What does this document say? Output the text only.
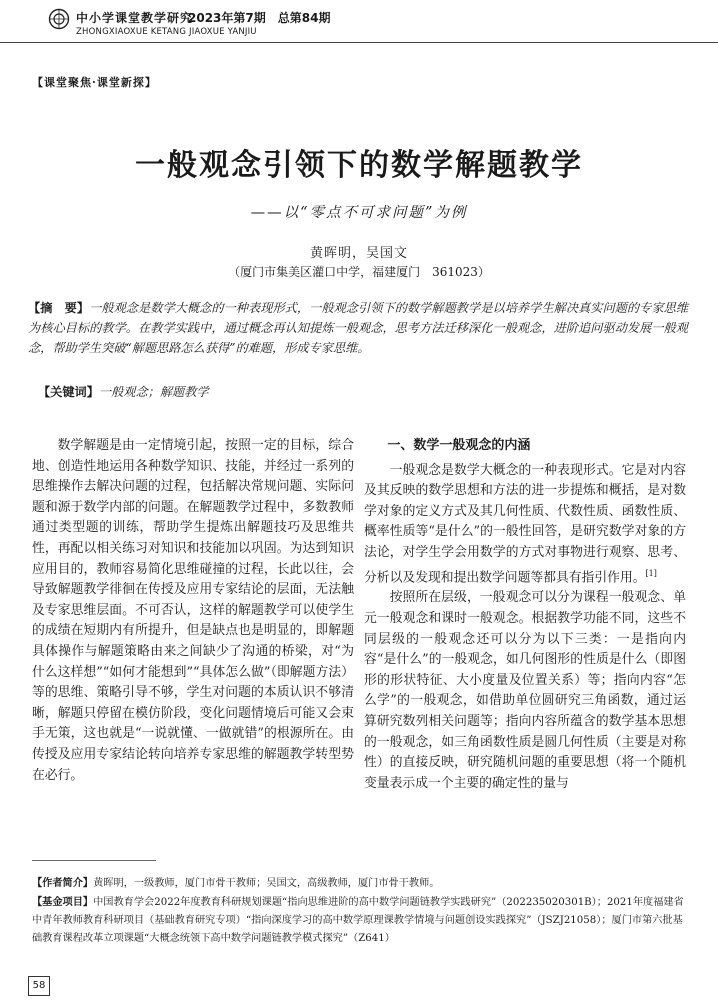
中小学课堂教学研究
2023年第7期　总第84期
ZHONGXIAOXUE KETANG JIAOXUE YANJIU
【课堂聚焦·课堂新探】
一般观念引领下的数学解题教学
——以“零点不可求问题”为例
黄晖明，吴国文
（厦门市集美区灌口中学，福建厦门　361023）
【摘　要】一般观念是数学大概念的一种表现形式，一般观念引领下的数学解题教学是以培养学生解决真实问题的专家思维为核心目标的教学。在教学实践中，通过概念再认知提炼一般观念，思考方法迁移深化一般观念，进阶追问驱动发展一般观念，帮助学生突破“解题思路怎么获得”的难题，形成专家思维。
【关键词】一般观念；解题教学

数学解题是由一定情境引起，按照一定的目标，综合地、创造性地运用各种数学知识、技能，并经过一系列的思维操作去解决问题的过程，包括解决常规问题、实际问题和源于数学内部的问题。在解题教学过程中，多数教师通过类型题的训练，帮助学生提炼出解题技巧及思维共性，再配以相关练习对知识和技能加以巩固。为达到知识应用目的，教师容易简化思维碰撞的过程，长此以往，会导致解题教学徘徊在传授及应用专家结论的层面，无法触及专家思维层面。不可否认，这样的解题教学可以使学生的成绩在短期内有所提升，但是缺点也是明显的，即解题具体操作与解题策略由来之间缺少了沟通的桥梁，对“为什么这样想”“如何才能想到”“具体怎么做”（即解题方法）等的思维、策略引导不够，学生对问题的本质认识不够清晰，解题只停留在模仿阶段，变化问题情境后可能又会束手无策，这也就是“一说就懂、一做就错”的根源所在。由传授及应用专家结论转向培养专家思维的解题教学转型势在必行。

一、数学一般观念的内涵

一般观念是数学大概念的一种表现形式。它是对内容及其反映的数学思想和方法的进一步提炼和概括，是对数学对象的定义方式及其几何性质、代数性质、函数性质、概率性质等“是什么”的一般性回答，是研究数学对象的方法论，对学生学会用数学的方式对事物进行观察、思考、分析以及发现和提出数学问题等都具有指引作用。[1]

按照所在层级，一般观念可以分为课程一般观念、单元一般观念和课时一般观念。根据教学功能不同，这些不同层级的一般观念还可以分为以下三类：一是指向内容“是什么”的一般观念，如几何图形的性质是什么（即图形的形状特征、大小度量及位置关系）等；指向内容“怎么学”的一般观念，如借助单位圆研究三角函数，通过运算研究数列相关问题等；指向内容所蕴含的数学基本思想的一般观念，如三角函数性质是圆几何性质（主要是对称性）的直接反映，研究随机问题的重要思想（将一个随机变量表示成一个主要的确定性的量与

【作者简介】黄晖明，一级教师，厦门市骨干教师；吴国文，高级教师，厦门市骨干教师。

【基金项目】中国教育学会2022年度教育科研规划课题“指向思维进阶的高中数学问题链教学实践研究”（202235020301B）；2021年度福建省中青年教师教育科研项目（基础教育研究专项）“指向深度学习的高中数学原理课教学情境与问题创设实践探究”（JSZJ21058）；厦门市第六批基础教育课程改革立项课题“大概念统领下高中数学问题链教学模式探究”（Z641）

58
